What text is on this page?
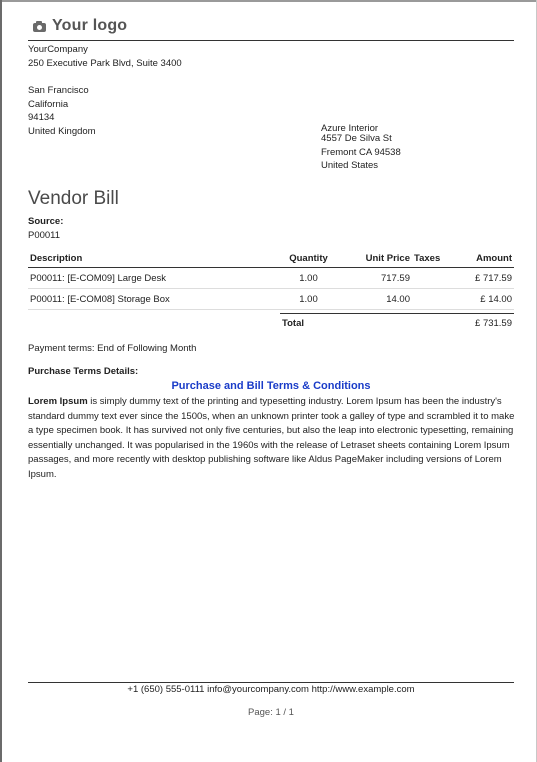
Your logo
YourCompany
250 Executive Park Blvd, Suite 3400
San Francisco
California
94134
United Kingdom	Azure Interior
4557 De Silva St
Fremont CA 94538
United States
Vendor Bill
Source:
P00011
Description	Quantity	Unit Price	Taxes	Amount
P00011: [E-COM09] Large Desk	1.00	717.59		£ 717.59
P00011: [E-COM08] Storage Box	1.00	14.00		£ 14.00
Total	£ 731.59
Payment terms: End of Following Month
Purchase Terms Details:
Purchase and Bill Terms & Conditions
Lorem Ipsum is simply dummy text of the printing and typesetting industry. Lorem Ipsum has been the industry's standard dummy text ever since the 1500s, when an unknown printer took a galley of type and scrambled it to make a type specimen book. It has survived not only five centuries, but also the leap into electronic typesetting, remaining essentially unchanged. It was popularised in the 1960s with the release of Letraset sheets containing Lorem Ipsum passages, and more recently with desktop publishing software like Aldus PageMaker including versions of Lorem Ipsum.
+1 (650) 555-0111 info@yourcompany.com http://www.example.com
Page: 1 / 1
